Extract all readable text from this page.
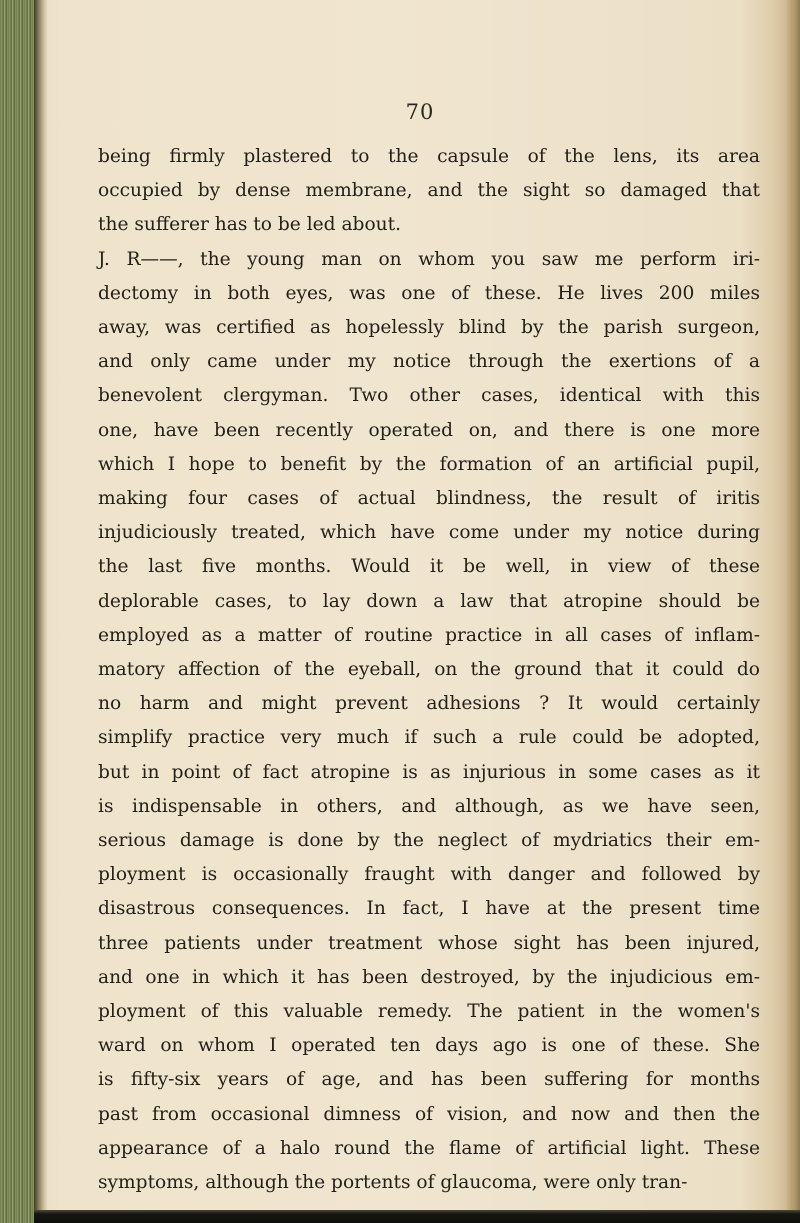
70
being firmly plastered to the capsule of the lens, its area
occupied by dense membrane, and the sight so damaged that
the sufferer has to be led about.
J. R——, the young man on whom you saw me perform iri-
dectomy in both eyes, was one of these. He lives 200 miles
away, was certified as hopelessly blind by the parish surgeon,
and only came under my notice through the exertions of a
benevolent clergyman. Two other cases, identical with this
one, have been recently operated on, and there is one more
which I hope to benefit by the formation of an artificial pupil,
making four cases of actual blindness, the result of iritis
injudiciously treated, which have come under my notice during
the last five months. Would it be well, in view of these
deplorable cases, to lay down a law that atropine should be
employed as a matter of routine practice in all cases of inflam-
matory affection of the eyeball, on the ground that it could do
no harm and might prevent adhesions ? It would certainly
simplify practice very much if such a rule could be adopted,
but in point of fact atropine is as injurious in some cases as it
is indispensable in others, and although, as we have seen,
serious damage is done by the neglect of mydriatics their em-
ployment is occasionally fraught with danger and followed by
disastrous consequences. In fact, I have at the present time
three patients under treatment whose sight has been injured,
and one in which it has been destroyed, by the injudicious em-
ployment of this valuable remedy. The patient in the women's
ward on whom I operated ten days ago is one of these. She
is fifty-six years of age, and has been suffering for months
past from occasional dimness of vision, and now and then the
appearance of a halo round the flame of artificial light. These
symptoms, although the portents of glaucoma, were only tran-
